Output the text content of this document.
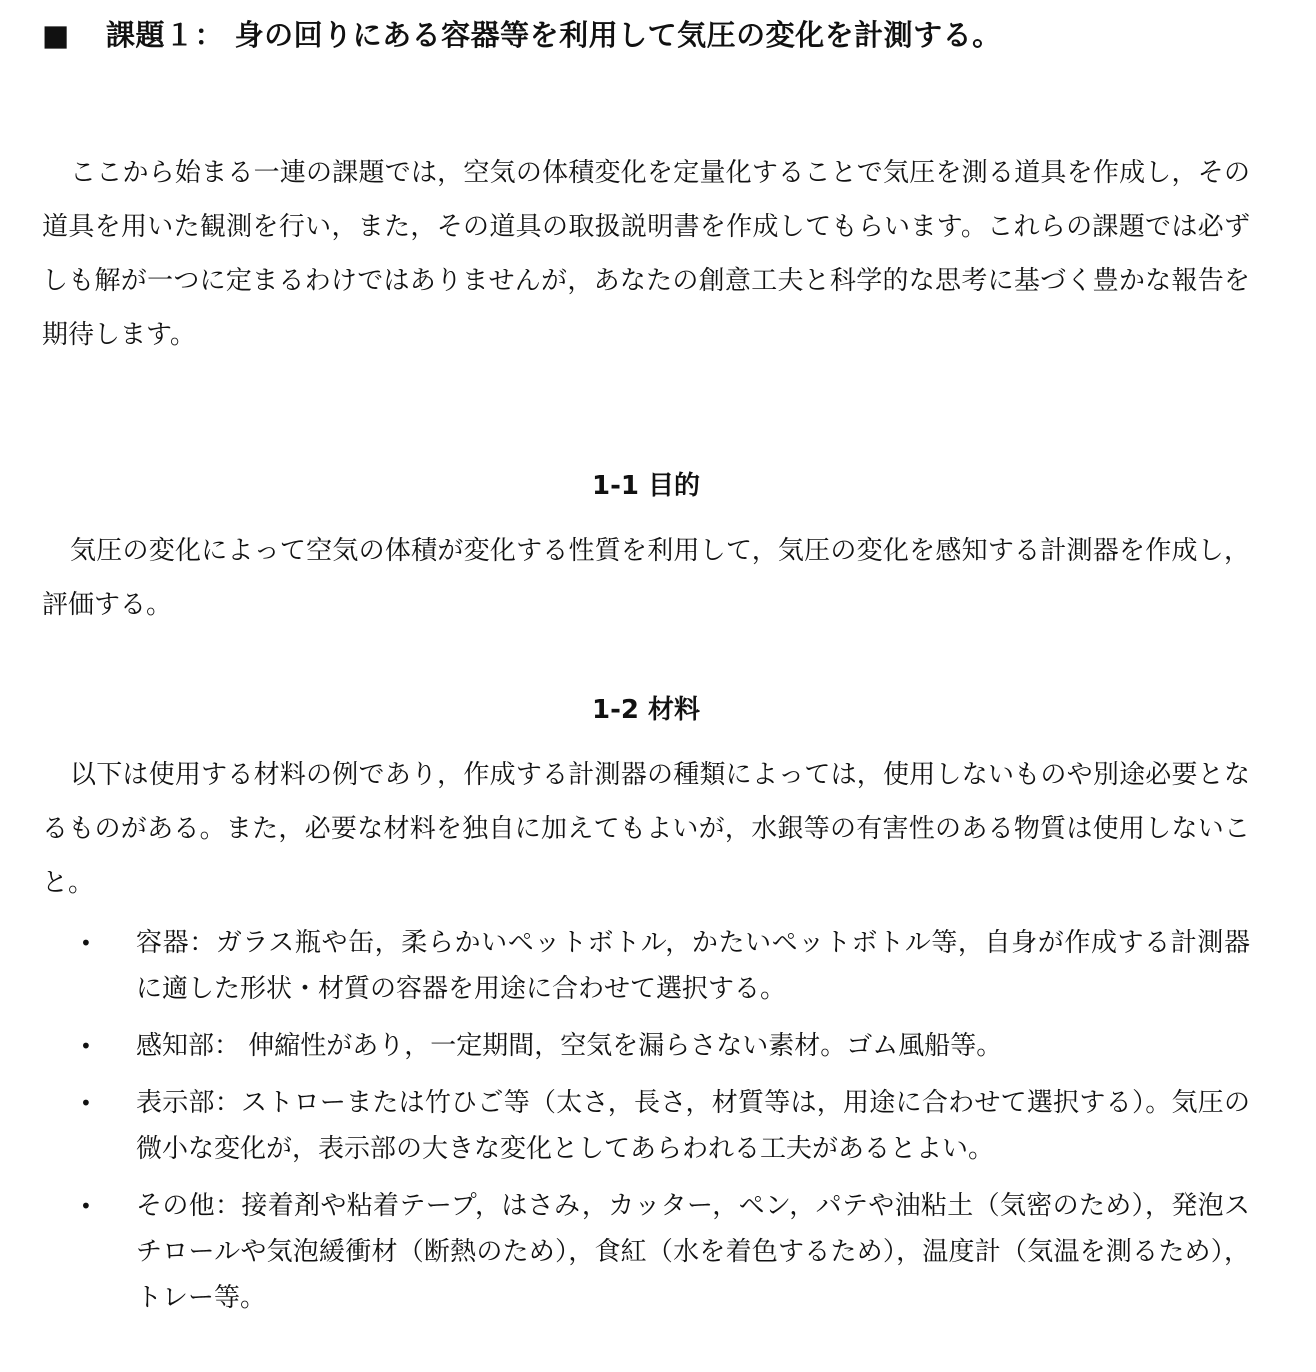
■ 課題１： 身の回りにある容器等を利用して気圧の変化を計測する。

ここから始まる一連の課題では，空気の体積変化を定量化することで気圧を測る道具を作成し，その道具を用いた観測を行い，また，その道具の取扱説明書を作成してもらいます。これらの課題では必ずしも解が一つに定まるわけではありませんが，あなたの創意工夫と科学的な思考に基づく豊かな報告を期待します。

1-1 目的

気圧の変化によって空気の体積が変化する性質を利用して，気圧の変化を感知する計測器を作成し，評価する。

1-2 材料

以下は使用する材料の例であり，作成する計測器の種類によっては，使用しないものや別途必要となるものがある。また，必要な材料を独自に加えてもよいが，水銀等の有害性のある物質は使用しないこと。

• 容器：ガラス瓶や缶，柔らかいペットボトル，かたいペットボトル等，自身が作成する計測器に適した形状・材質の容器を用途に合わせて選択する。
• 感知部： 伸縮性があり，一定期間，空気を漏らさない素材。ゴム風船等。
• 表示部：ストローまたは竹ひご等（太さ，長さ，材質等は，用途に合わせて選択する）。気圧の微小な変化が，表示部の大きな変化としてあらわれる工夫があるとよい。
• その他：接着剤や粘着テープ，はさみ，カッター，ペン，パテや油粘土（気密のため），発泡スチロールや気泡緩衝材（断熱のため），食紅（水を着色するため），温度計（気温を測るため），トレー等。
